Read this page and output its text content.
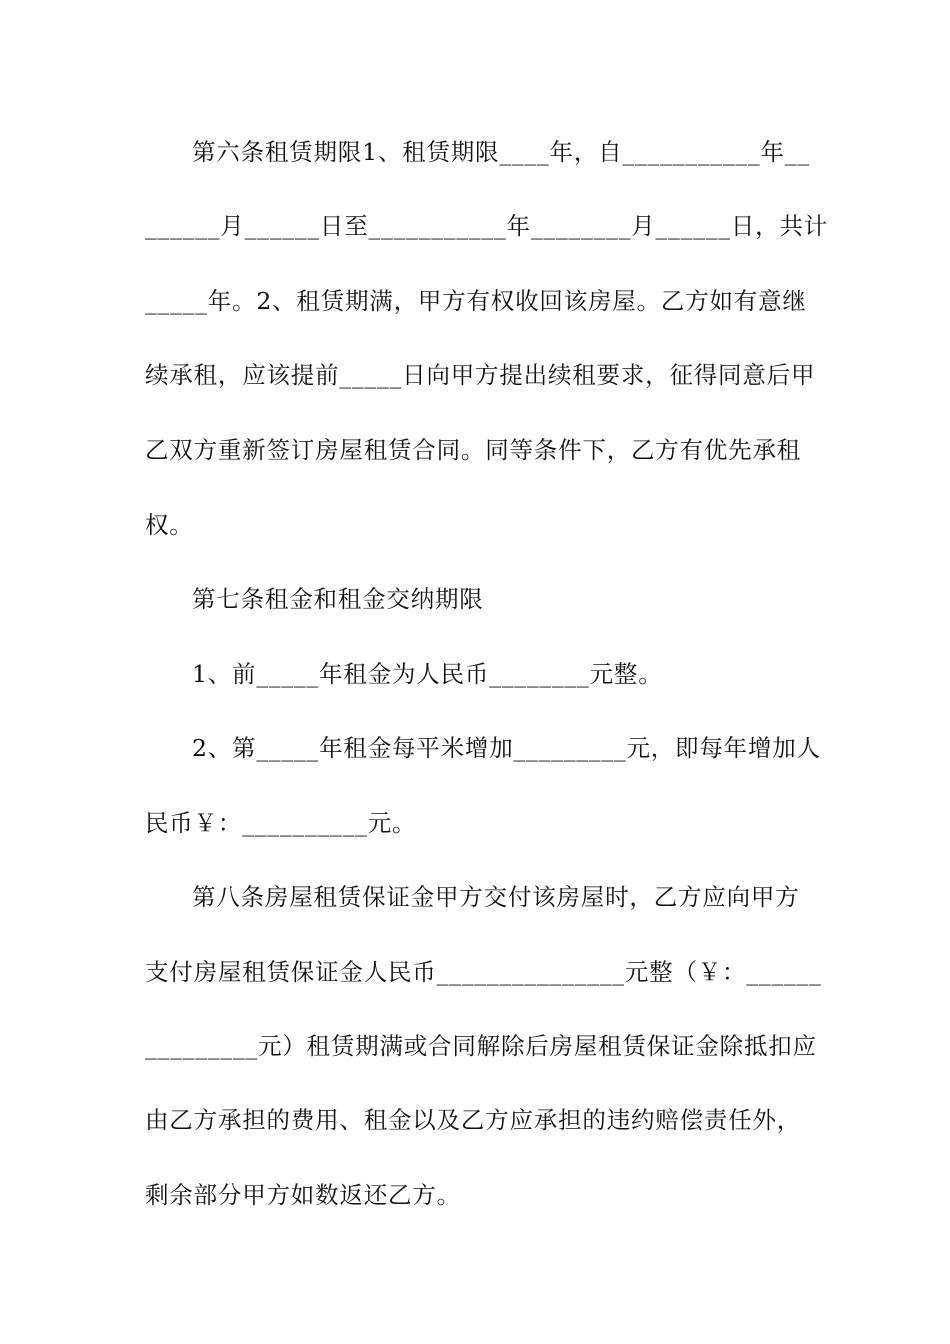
第六条租赁期限1、租赁期限____年，自___________年__
______月______日至___________年________月______日，共计
_____年。2、租赁期满，甲方有权收回该房屋。乙方如有意继
续承租，应该提前_____日向甲方提出续租要求，征得同意后甲
乙双方重新签订房屋租赁合同。同等条件下，乙方有优先承租
权。
第七条租金和租金交纳期限
1、前_____年租金为人民币________元整。
2、第_____年租金每平米增加_________元，即每年增加人
民币￥：__________元。
第八条房屋租赁保证金甲方交付该房屋时，乙方应向甲方
支付房屋租赁保证金人民币_______________元整（￥：______
_________元）租赁期满或合同解除后房屋租赁保证金除抵扣应
由乙方承担的费用、租金以及乙方应承担的违约赔偿责任外，
剩余部分甲方如数返还乙方。
